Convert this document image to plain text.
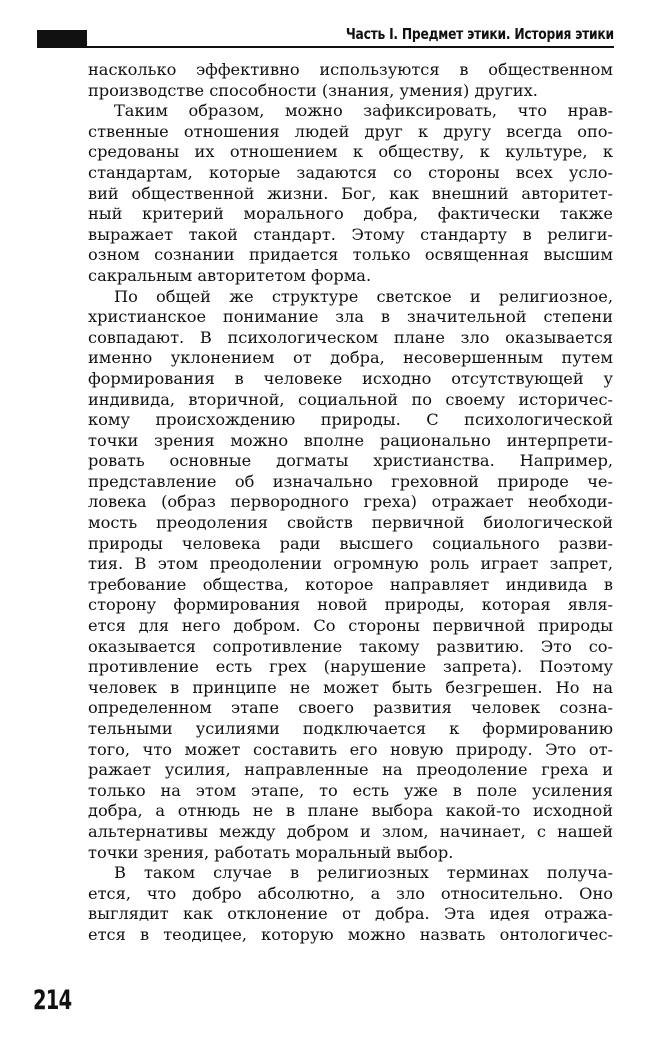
Часть I. Предмет этики. История этики
насколько эффективно используются в общественном
производстве способности (знания, умения) других.
Таким образом, можно зафиксировать, что нрав-
ственные отношения людей друг к другу всегда опо-
средованы их отношением к обществу, к культуре, к
стандартам, которые задаются со стороны всех усло-
вий общественной жизни. Бог, как внешний авторитет-
ный критерий морального добра, фактически также
выражает такой стандарт. Этому стандарту в религи-
озном сознании придается только освященная высшим
сакральным авторитетом форма.
По общей же структуре светское и религиозное,
христианское понимание зла в значительной степени
совпадают. В психологическом плане зло оказывается
именно уклонением от добра, несовершенным путем
формирования в человеке исходно отсутствующей у
индивида, вторичной, социальной по своему историчес-
кому происхождению природы. С психологической
точки зрения можно вполне рационально интерпрети-
ровать основные догматы христианства. Например,
представление об изначально греховной природе че-
ловека (образ первородного греха) отражает необходи-
мость преодоления свойств первичной биологической
природы человека ради высшего социального разви-
тия. В этом преодолении огромную роль играет запрет,
требование общества, которое направляет индивида в
сторону формирования новой природы, которая явля-
ется для него добром. Со стороны первичной природы
оказывается сопротивление такому развитию. Это со-
противление есть грех (нарушение запрета). Поэтому
человек в принципе не может быть безгрешен. Но на
определенном этапе своего развития человек созна-
тельными усилиями подключается к формированию
того, что может составить его новую природу. Это от-
ражает усилия, направленные на преодоление греха и
только на этом этапе, то есть уже в поле усиления
добра, а отнюдь не в плане выбора какой-то исходной
альтернативы между добром и злом, начинает, с нашей
точки зрения, работать моральный выбор.
В таком случае в религиозных терминах получа-
ется, что добро абсолютно, а зло относительно. Оно
выглядит как отклонение от добра. Эта идея отража-
ется в теодицее, которую можно назвать онтологичес-
214
